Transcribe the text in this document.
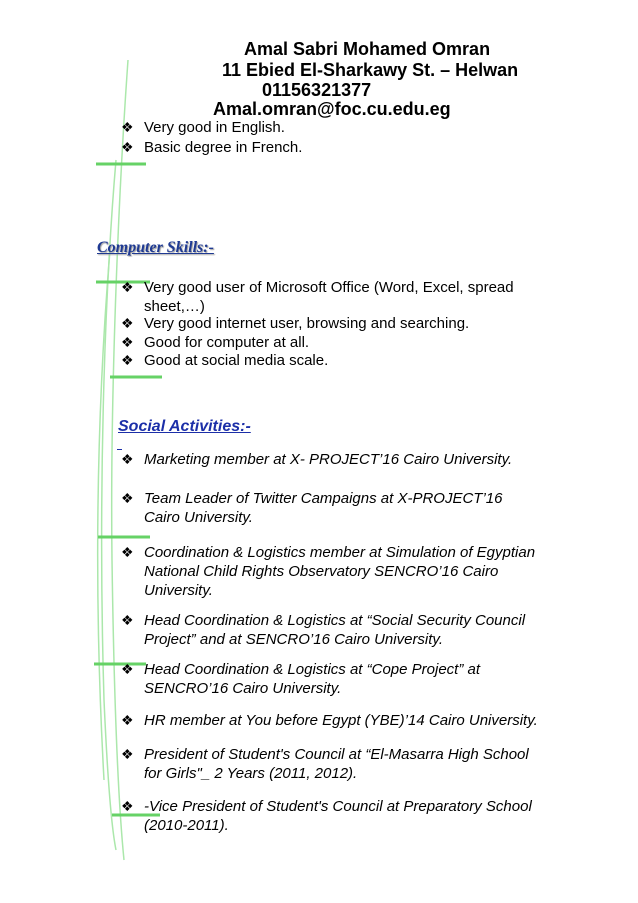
Amal Sabri Mohamed Omran
11 Ebied El-Sharkawy St. – Helwan
01156321377
Amal.omran@foc.cu.edu.eg
❖ Very good in English.
❖ Basic degree in French.
Computer Skills:-
❖ Very good user of Microsoft Office (Word, Excel, spread
sheet,…)
❖ Very good internet user, browsing and searching.
❖ Good for computer at all.
❖ Good at social media scale.
Social Activities:-
❖ Marketing member at X- PROJECT’16 Cairo University.
❖ Team Leader of Twitter Campaigns at X-PROJECT’16
Cairo University.
❖ Coordination & Logistics member at Simulation of Egyptian
National Child Rights Observatory SENCRO’16 Cairo
University.
❖ Head Coordination & Logistics at “Social Security Council
Project” and at SENCRO’16 Cairo University.
❖ Head Coordination & Logistics at “Cope Project” at
SENCRO’16 Cairo University.
❖ HR member at You before Egypt (YBE)’14 Cairo University.
❖ President of Student's Council at “El-Masarra High School
for Girls"_ 2 Years (2011, 2012).
❖ -Vice President of Student's Council at Preparatory School
(2010-2011).
